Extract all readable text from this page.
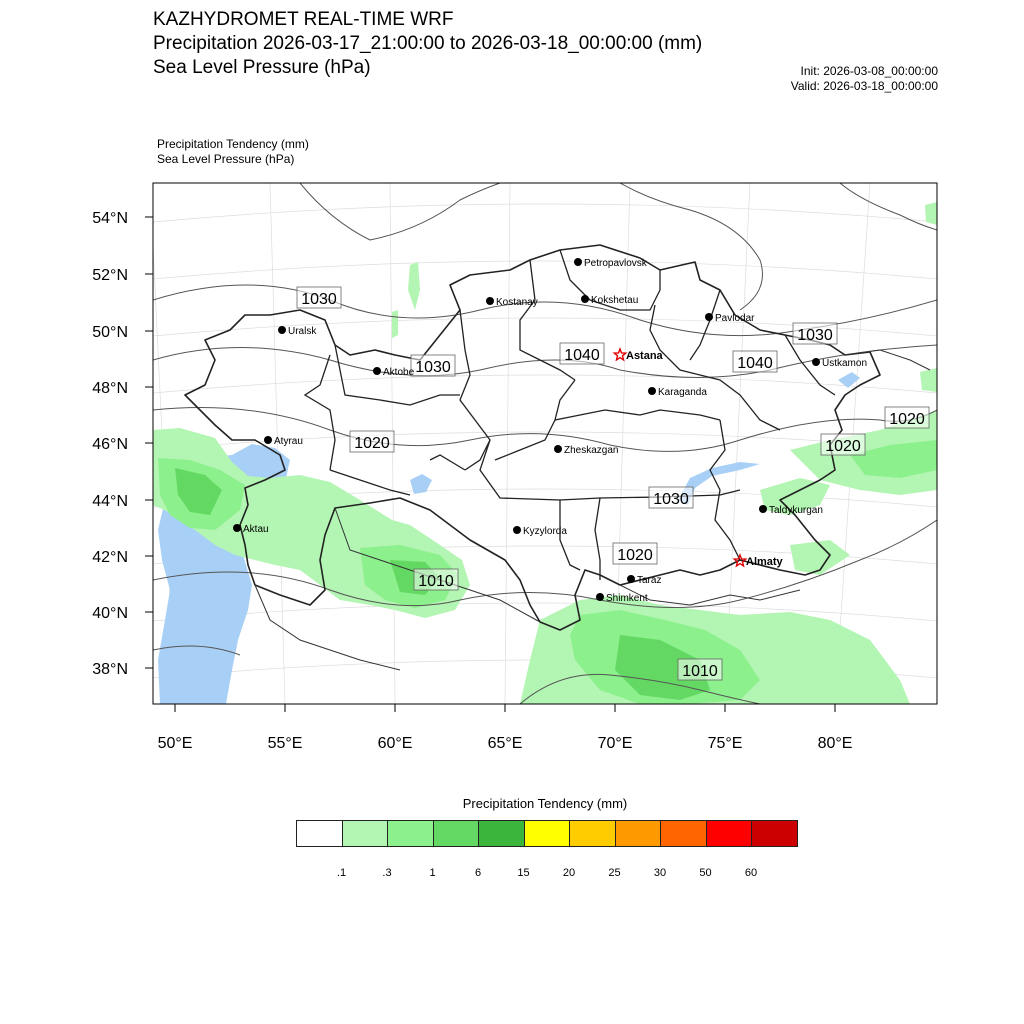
KAZHYDROMET REAL-TIME WRF
Precipitation 2026-03-17_21:00:00 to 2026-03-18_00:00:00 (mm)
Sea Level Pressure (hPa)	Init: 2026-03-08_00:00:00
Valid: 2026-03-18_00:00:00
Precipitation Tendency (mm)
Sea Level Pressure (hPa)
54°N
52°N
50°N
48°N
46°N
44°N
42°N
40°N
38°N
50°E	55°E	60°E	65°E	70°E	75°E	80°E
1030
1030
1040	1040
1030
1020	1020
1020
1030
1020
1010
1010
Petropavlovsk
Kostanay	Kokshetau
Pavlodar
Uralsk
Astana
Aktobe
Ustkamon
Karaganda
Atyrau
Zheskazgan
Aktau
Taldykurgan
Kyzylorda
Almaty
Taraz
Shimkent
Precipitation Tendency (mm)
.1	.3	1	6	15	20	25	30	50	60
